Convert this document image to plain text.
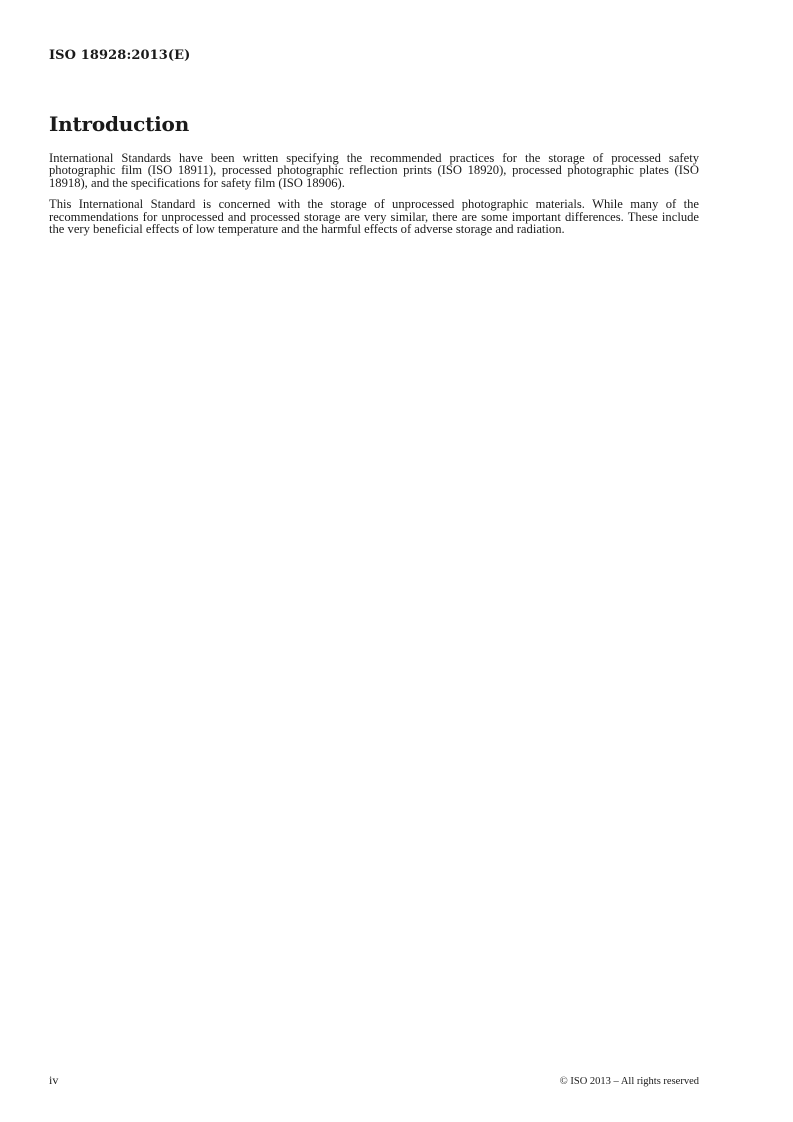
ISO 18928:2013(E)
Introduction

International Standards have been written specifying the recommended practices for the storage of processed safety photographic film (ISO 18911), processed photographic reflection prints (ISO 18920), processed photographic plates (ISO 18918), and the specifications for safety film (ISO 18906).

This International Standard is concerned with the storage of unprocessed photographic materials. While many of the recommendations for unprocessed and processed storage are very similar, there are some important differences. These include the very beneficial effects of low temperature and the harmful effects of adverse storage and radiation.

iv	© ISO 2013 – All rights reserved
